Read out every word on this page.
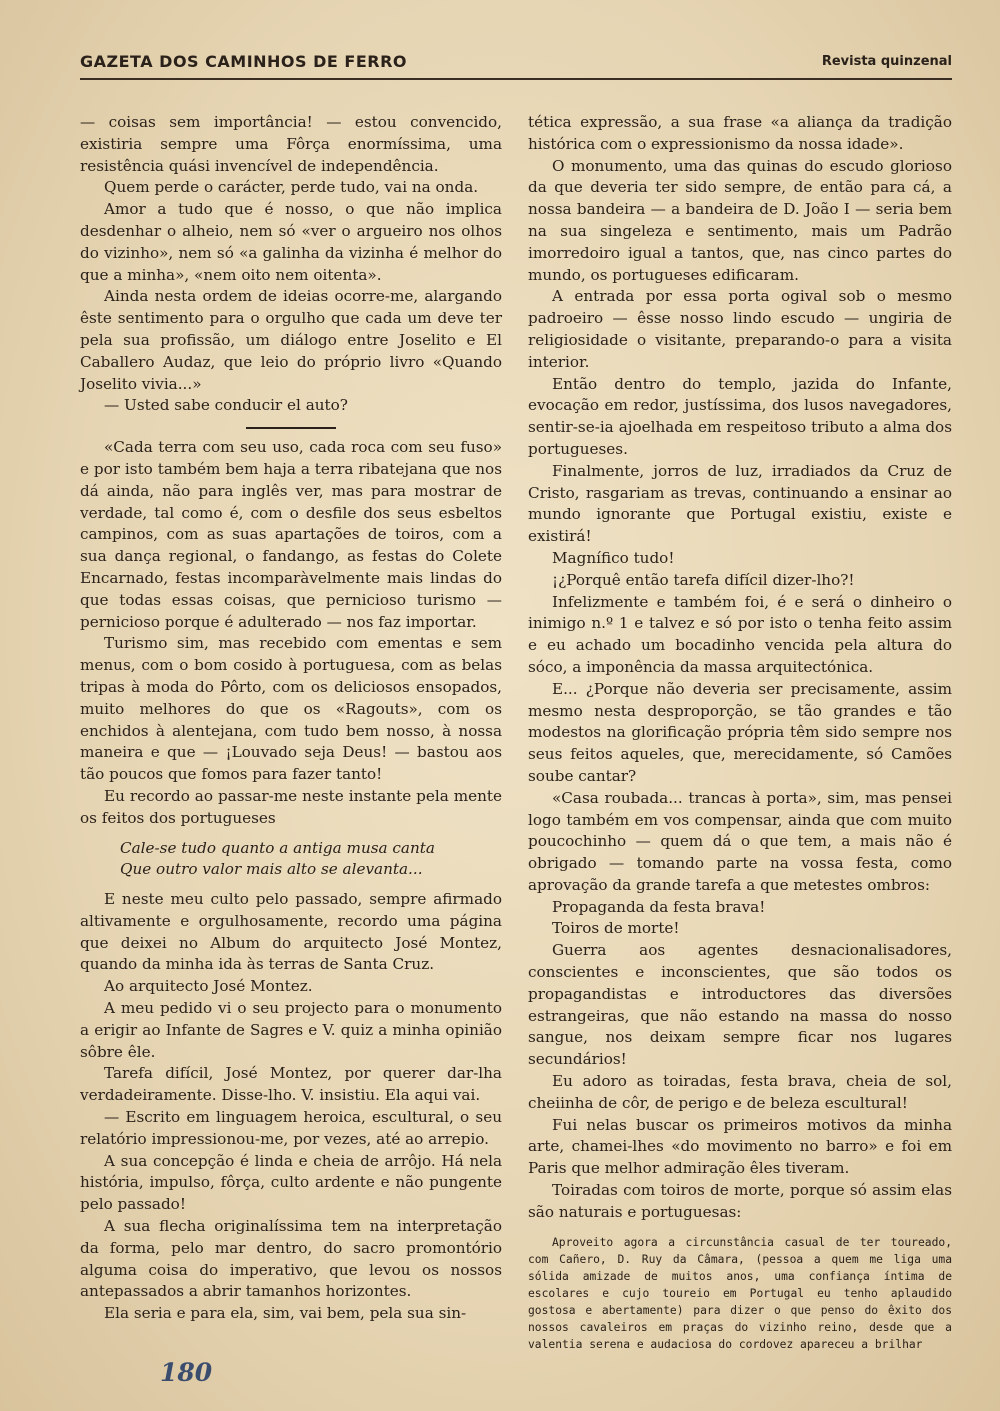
GAZETA DOS CAMINHOS DE FERRO	Revista quinzenal

— coisas sem importância! — estou convencido, existiria sempre uma Fôrça enormíssima, uma resistência quási invencível de independência.

Quem perde o carácter, perde tudo, vai na onda.

Amor a tudo que é nosso, o que não implica desdenhar o alheio, nem só «ver o argueiro nos olhos do vizinho», nem só «a galinha da vizinha é melhor do que a minha», «nem oito nem oitenta».

Ainda nesta ordem de ideias ocorre-me, alargando êste sentimento para o orgulho que cada um deve ter pela sua profissão, um diálogo entre Joselito e El Caballero Audaz, que leio do próprio livro «Quando Joselito vivia...»

— Usted sabe conducir el auto?

«Cada terra com seu uso, cada roca com seu fuso» e por isto também bem haja a terra ribatejana que nos dá ainda, não para inglês ver, mas para mostrar de verdade, tal como é, com o desfile dos seus esbeltos campinos, com as suas apartações de toiros, com a sua dança regional, o fandango, as festas do Colete Encarnado, festas incomparàvelmente mais lindas do que todas essas coisas, que pernicioso turismo — pernicioso porque é adulterado — nos faz importar.

Turismo sim, mas recebido com ementas e sem menus, com o bom cosido à portuguesa, com as belas tripas à moda do Pôrto, com os deliciosos ensopados, muito melhores do que os «Ragouts», com os enchidos à alentejana, com tudo bem nosso, à nossa maneira e que — ¡Louvado seja Deus! — bastou aos tão poucos que fomos para fazer tanto!

Eu recordo ao passar-me neste instante pela mente os feitos dos portugueses

Cale-se tudo quanto a antiga musa canta
Que outro valor mais alto se alevanta...

E neste meu culto pelo passado, sempre afirmado altivamente e orgulhosamente, recordo uma página que deixei no Album do arquitecto José Montez, quando da minha ida às terras de Santa Cruz.

Ao arquitecto José Montez.

A meu pedido vi o seu projecto para o monumento a erigir ao Infante de Sagres e V. quiz a minha opinião sôbre êle.

Tarefa difícil, José Montez, por querer dar-lha verdadeiramente. Disse-lho. V. insistiu. Ela aqui vai.

— Escrito em linguagem heroica, escultural, o seu relatório impressionou-me, por vezes, até ao arrepio.

A sua concepção é linda e cheia de arrôjo. Há nela história, impulso, fôrça, culto ardente e não pungente pelo passado!

A sua flecha originalíssima tem na interpretação da forma, pelo mar dentro, do sacro promontório alguma coisa do imperativo, que levou os nossos antepassados a abrir tamanhos horizontes.

Ela seria e para ela, sim, vai bem, pela sua sin-

tética expressão, a sua frase «a aliança da tradição histórica com o expressionismo da nossa idade».

O monumento, uma das quinas do escudo glorioso da que deveria ter sido sempre, de então para cá, a nossa bandeira — a bandeira de D. João I — seria bem na sua singeleza e sentimento, mais um Padrão imorredoiro igual a tantos, que, nas cinco partes do mundo, os portugueses edificaram.

A entrada por essa porta ogival sob o mesmo padroeiro — êsse nosso lindo escudo — ungiria de religiosidade o visitante, preparando-o para a visita interior.

Então dentro do templo, jazida do Infante, evocação em redor, justíssima, dos lusos navegadores, sentir-se-ia ajoelhada em respeitoso tributo a alma dos portugueses.

Finalmente, jorros de luz, irradiados da Cruz de Cristo, rasgariam as trevas, continuando a ensinar ao mundo ignorante que Portugal existiu, existe e existirá!

Magnífico tudo!

¡¿Porquê então tarefa difícil dizer-lho?!

Infelizmente e também foi, é e será o dinheiro o inimigo n.º 1 e talvez e só por isto o tenha feito assim e eu achado um bocadinho vencida pela altura do sóco, a imponência da massa arquitectónica.

E... ¿Porque não deveria ser precisamente, assim mesmo nesta desproporção, se tão grandes e tão modestos na glorificação própria têm sido sempre nos seus feitos aqueles, que, merecidamente, só Camões soube cantar?

«Casa roubada... trancas à porta», sim, mas pensei logo também em vos compensar, ainda que com muito poucochinho — quem dá o que tem, a mais não é obrigado — tomando parte na vossa festa, como aprovação da grande tarefa a que metestes ombros:

Propaganda da festa brava!

Toiros de morte!

Guerra aos agentes desnacionalisadores, conscientes e inconscientes, que são todos os propagandistas e introductores das diversões estrangeiras, que não estando na massa do nosso sangue, nos deixam sempre ficar nos lugares secundários!

Eu adoro as toiradas, festa brava, cheia de sol, cheiinha de côr, de perigo e de beleza escultural!

Fui nelas buscar os primeiros motivos da minha arte, chamei-lhes «do movimento no barro» e foi em Paris que melhor admiração êles tiveram.

Toiradas com toiros de morte, porque só assim elas são naturais e portuguesas:

Aproveito agora a circunstância casual de ter toureado, com Cañero, D. Ruy da Câmara, (pessoa a quem me liga uma sólida amizade de muitos anos, uma confiança íntima de escolares e cujo toureio em Portugal eu tenho aplaudido gostosa e abertamente) para dizer o que penso do êxito dos nossos cavaleiros em praças do vizinho reino, desde que a valentia serena e audaciosa do cordovez apareceu a brilhar

180
